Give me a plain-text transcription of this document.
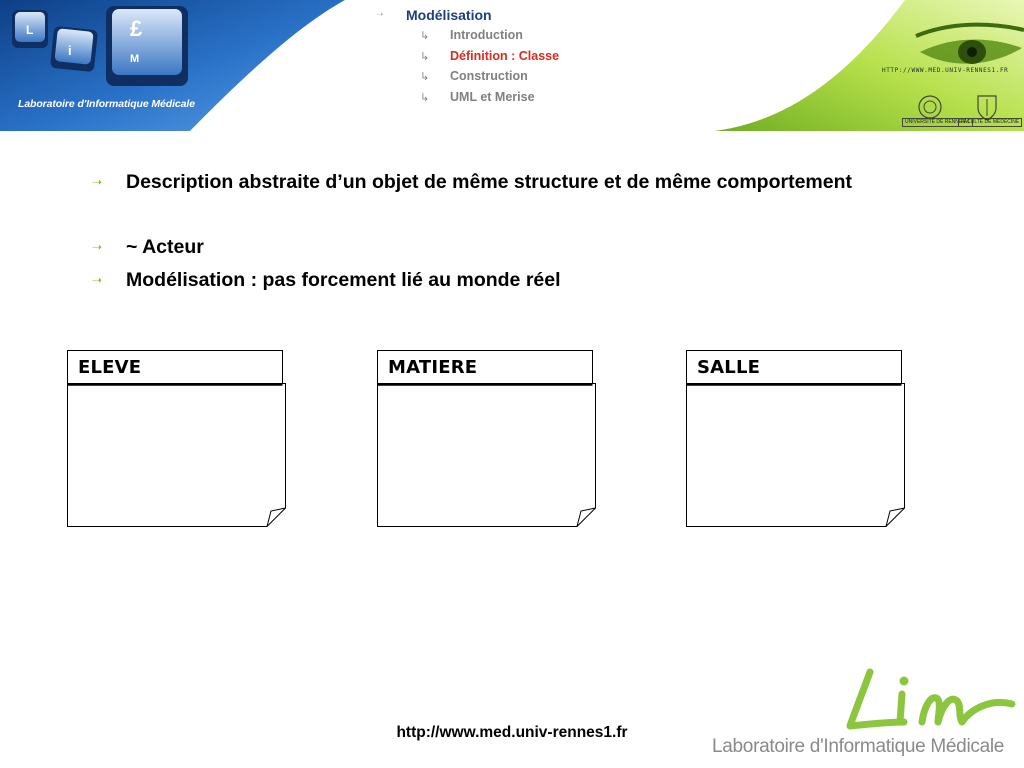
L
i
£
M
Laboratoire d'Informatique Médicale
HTTP://WWW.MED.UNIV-RENNES1.FR
UNIVERSITÉ DE RENNES 1
FACULTÉ DE MÉDECINE
➝ Modélisation
↳ Introduction
↳ Définition : Classe
↳ Construction
↳ UML et Merise
➝ Description abstraite d’un objet de même structure et de même comportement
➝ ~ Acteur
➝ Modélisation : pas forcement lié au monde réel
ELEVE	MATIERE	SALLE
http://www.med.univ-rennes1.fr
Lim
Laboratoire d'Informatique Médicale
